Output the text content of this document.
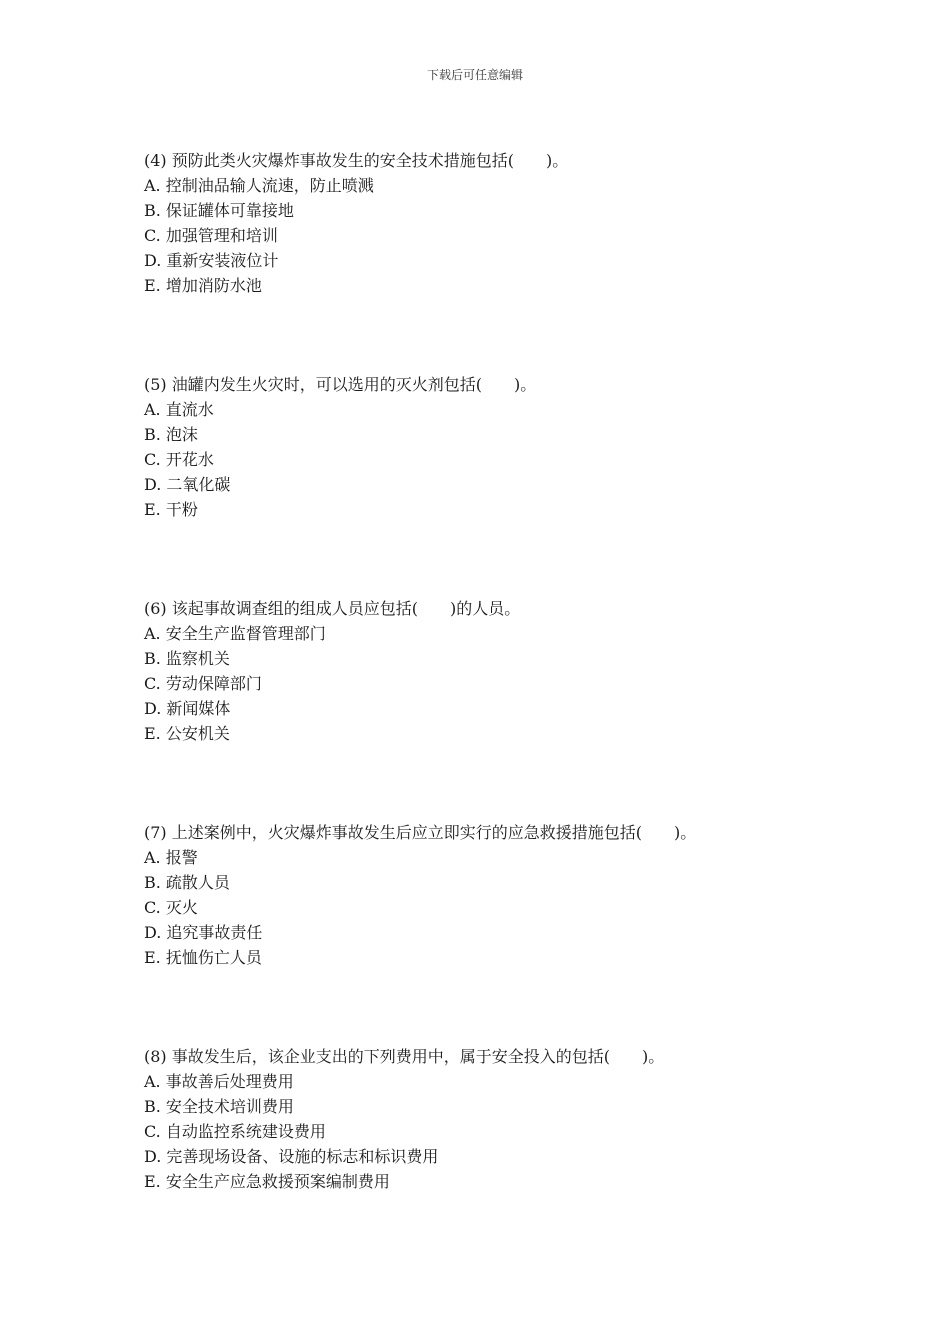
下载后可任意编辑
(4) 预防此类火灾爆炸事故发生的安全技术措施包括(　　)。
A. 控制油品输人流速，防止喷溅
B. 保证罐体可靠接地
C. 加强管理和培训
D. 重新安装液位计
E. 增加消防水池
(5) 油罐内发生火灾时，可以选用的灭火剂包括(　　)。
A. 直流水
B. 泡沫
C. 开花水
D. 二氧化碳
E. 干粉
(6) 该起事故调查组的组成人员应包括(　　)的人员。
A. 安全生产监督管理部门
B. 监察机关
C. 劳动保障部门
D. 新闻媒体
E. 公安机关
(7) 上述案例中，火灾爆炸事故发生后应立即实行的应急救援措施包括(　　)。
A. 报警
B. 疏散人员
C. 灭火
D. 追究事故责任
E. 抚恤伤亡人员
(8) 事故发生后，该企业支出的下列费用中，属于安全投入的包括(　　)。
A. 事故善后处理费用
B. 安全技术培训费用
C. 自动监控系统建设费用
D. 完善现场设备、设施的标志和标识费用
E. 安全生产应急救援预案编制费用
